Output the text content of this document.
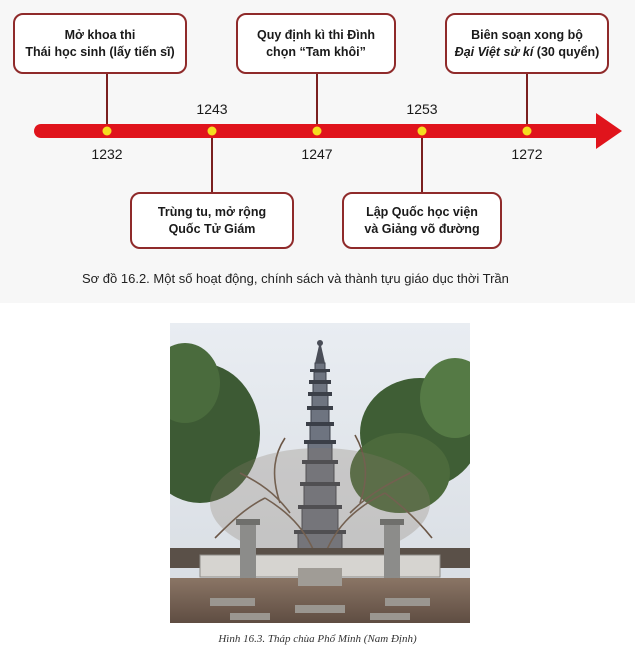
1232
1243
1247
1253
1272
Mở khoa thi
Thái học sinh (lấy tiến sĩ)
Trùng tu, mở rộng
Quốc Tử Giám
Quy định kì thi Đình
chọn “Tam khôi”
Lập Quốc học viện
và Giảng võ đường
Biên soạn xong bộ
Đại Việt sử kí (30 quyển)
Sơ đồ 16.2. Một số hoạt động, chính sách và thành tựu giáo dục thời Trần
Hình 16.3. Tháp chùa Phổ Minh (Nam Định)
